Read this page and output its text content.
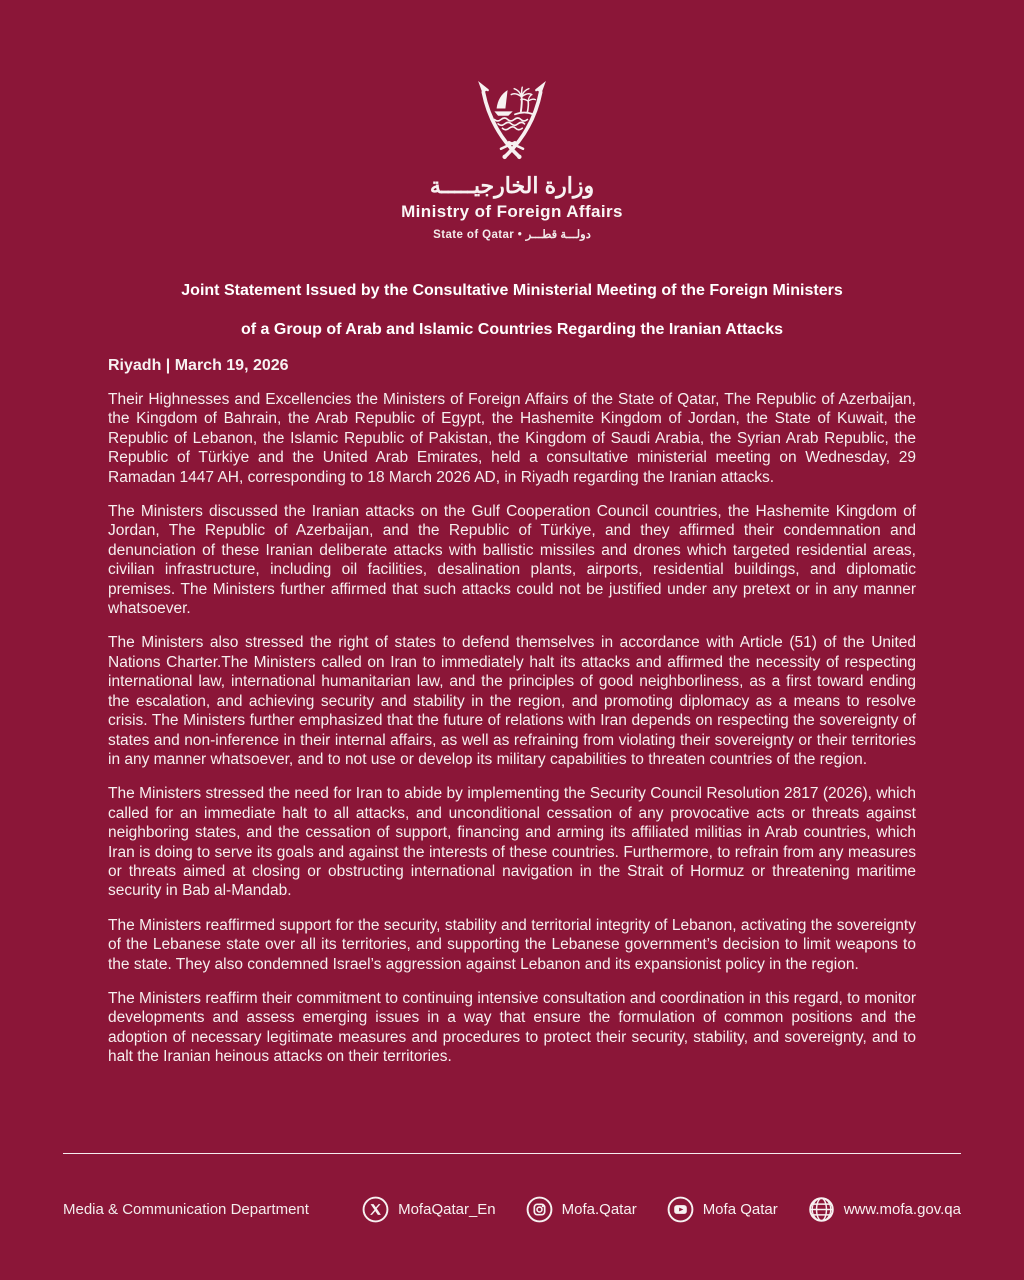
وزارة الخارجيـــــة
Ministry of Foreign Affairs
State of Qatar • دولـــة قطـــر
Joint Statement Issued by the Consultative Ministerial Meeting of the Foreign Ministers
of a Group of Arab and Islamic Countries Regarding the Iranian Attacks
Riyadh | March 19, 2026

Their Highnesses and Excellencies the Ministers of Foreign Affairs of the State of Qatar, The Republic of Azerbaijan, the Kingdom of Bahrain, the Arab Republic of Egypt, the Hashemite Kingdom of Jordan, the State of Kuwait, the Republic of Lebanon, the Islamic Republic of Pakistan, the Kingdom of Saudi Arabia, the Syrian Arab Republic, the Republic of Türkiye and the United Arab Emirates, held a consultative ministerial meeting on Wednesday, 29 Ramadan 1447 AH, corresponding to 18 March 2026 AD, in Riyadh regarding the Iranian attacks.

The Ministers discussed the Iranian attacks on the Gulf Cooperation Council countries, the Hashemite Kingdom of Jordan, The Republic of Azerbaijan, and the Republic of Türkiye, and they affirmed their condemnation and denunciation of these Iranian deliberate attacks with ballistic missiles and drones which targeted residential areas, civilian infrastructure, including oil facilities, desalination plants, airports, residential buildings, and diplomatic premises. The Ministers further affirmed that such attacks could not be justified under any pretext or in any manner whatsoever.

The Ministers also stressed the right of states to defend themselves in accordance with Article (51) of the United Nations Charter.The Ministers called on Iran to immediately halt its attacks and affirmed the necessity of respecting international law, international humanitarian law, and the principles of good neighborliness, as a first toward ending the escalation, and achieving security and stability in the region, and promoting diplomacy as a means to resolve crisis. The Ministers further emphasized that the future of relations with Iran depends on respecting the sovereignty of states and non-inference in their internal affairs, as well as refraining from violating their sovereignty or their territories in any manner whatsoever, and to not use or develop its military capabilities to threaten countries of the region.

The Ministers stressed the need for Iran to abide by implementing the Security Council Resolution 2817 (2026), which called for an immediate halt to all attacks, and unconditional cessation of any provocative acts or threats against neighboring states, and the cessation of support, financing and arming its affiliated militias in Arab countries, which Iran is doing to serve its goals and against the interests of these countries. Furthermore, to refrain from any measures or threats aimed at closing or obstructing international navigation in the Strait of Hormuz or threatening maritime security in Bab al-Mandab.

The Ministers reaffirmed support for the security, stability and territorial integrity of Lebanon, activating the sovereignty of the Lebanese state over all its territories, and supporting the Lebanese government’s decision to limit weapons to the state. They also condemned Israel’s aggression against Lebanon and its expansionist policy in the region.

The Ministers reaffirm their commitment to continuing intensive consultation and coordination in this regard, to monitor developments and assess emerging issues in a way that ensure the formulation of common positions and the adoption of necessary legitimate measures and procedures to protect their security, stability, and sovereignty, and to halt the Iranian heinous attacks on their territories.

Media & Communication Department	MofaQatar_En	Mofa.Qatar	Mofa Qatar	www.mofa.gov.qa
